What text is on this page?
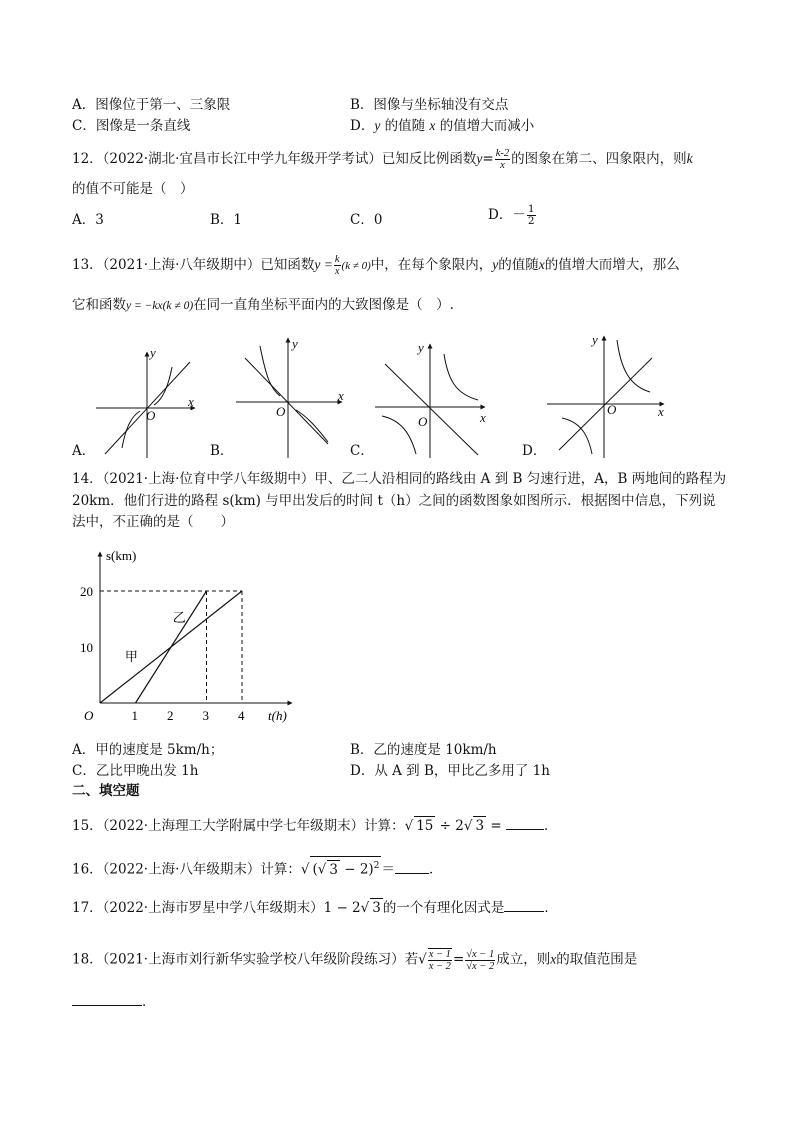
A．图像位于第一、三象限	B．图像与坐标轴没有交点
C．图像是一条直线	D．y 的值随 x 的值增大而减小
12．（2022·湖北·宜昌市长江中学九年级开学考试）已知反比例函数$y= \frac{k-2}{x}$ 的图象在第二、四象限内，则k
的值不可能是（　）
A．3	B．1	C．0	D．－ $\frac{1}{2}$
13．（2021·上海·八年级期中）已知函数$y = \frac{k}{x} (k \ne 0)$中，在每个象限内，y的值随x的值增大而增大，那么
它和函数y = −kx(k ≠ 0)在同一直角坐标平面内的大致图像是（　）.
y
x
O
y
x
O
y
x
O
y
x
O
A．	B．	C．	D．
14．（2021·上海·位育中学八年级期中）甲、乙二人沿相同的路线由 A 到 B 匀速行进，A，B 两地间的路程为
20km．他们行进的路程 s(km) 与甲出发后的时间 t（h）之间的函数图象如图所示．根据图中信息，下列说
法中，不正确的是（　　）
s(km)
t(h)
O	1 2 3 4
10
20
甲
乙
A．甲的速度是 5km/h；	B．乙的速度是 10km/h
C．乙比甲晚出发 1h	D．从 A 到 B，甲比乙多用了 1h
二、填空题
15．（2022·上海理工大学附属中学七年级期末）计算：√ 15 ÷ 2√ 3 =	．
16．（2022·上海·八年级期末）计算：√ (√ 3 − 2)$^2$ ＝	．
17．（2022·上海市罗星中学八年级期末）1 − 2√ 3 的一个有理化因式是	．
18．（2021·上海市刘行新华实验学校八年级阶段练习）若√ $\frac{x - 1}{x - 2} = \frac{√x - 1}{√x - 2}$ 成立，则x的取值范围是
．
